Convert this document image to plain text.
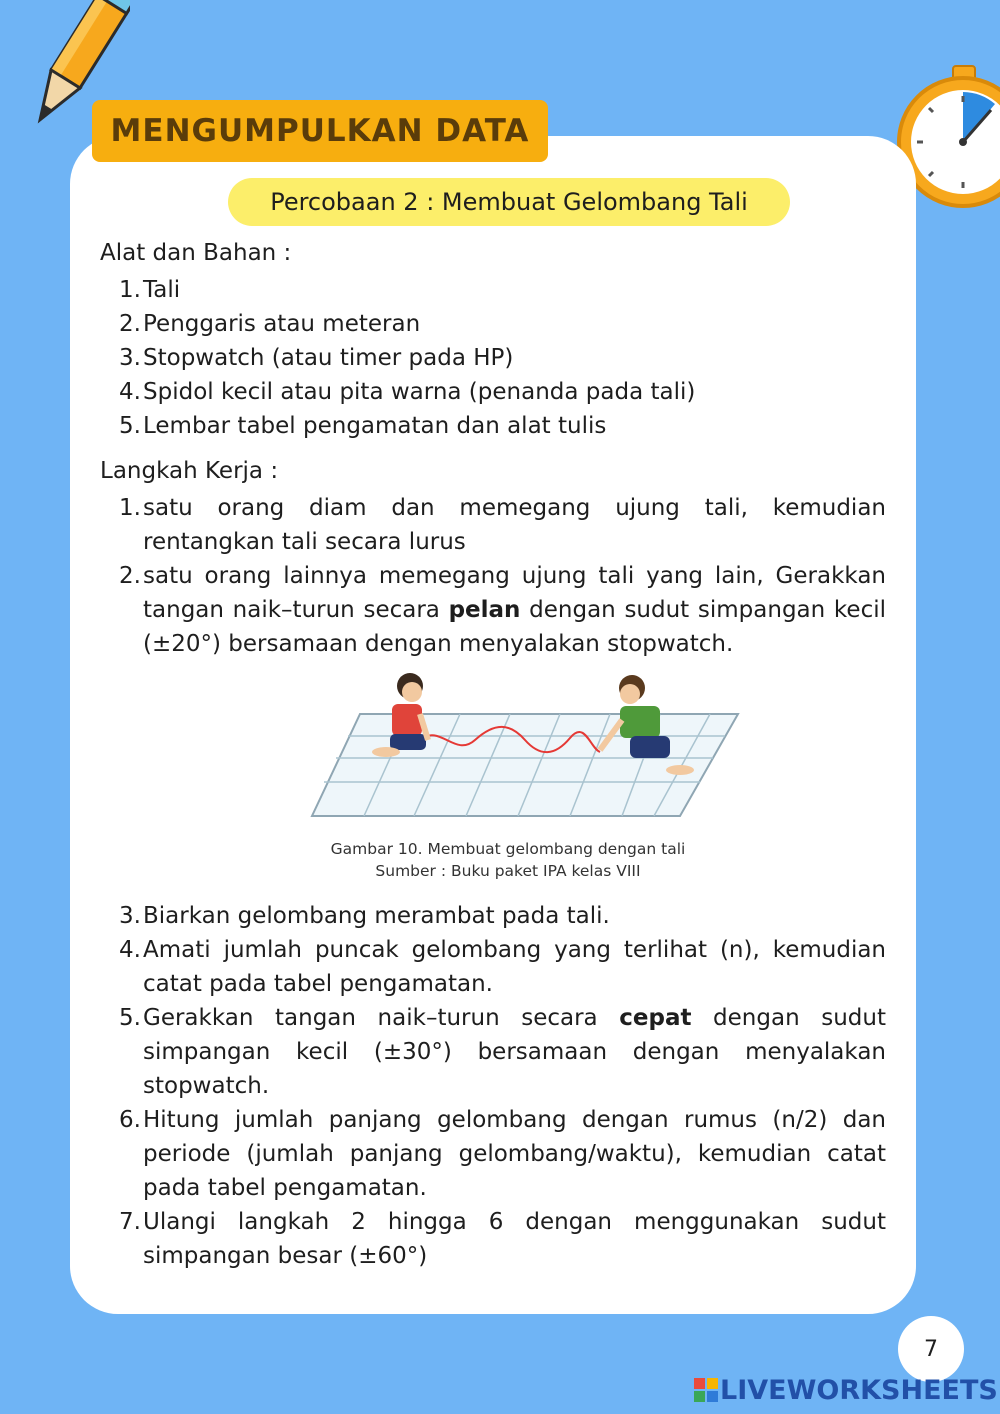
MENGUMPULKAN DATA
Percobaan 2 : Membuat Gelombang Tali
Alat dan Bahan :
1. Tali
2. Penggaris atau meteran
3. Stopwatch (atau timer pada HP)
4. Spidol kecil atau pita warna (penanda pada tali)
5. Lembar tabel pengamatan dan alat tulis
Langkah Kerja :
1. satu orang diam dan memegang ujung tali, kemudian rentangkan tali secara lurus
2. satu orang lainnya memegang ujung tali yang lain, Gerakkan tangan naik–turun secara pelan dengan sudut simpangan kecil (±20°) bersamaan dengan menyalakan stopwatch.
Gambar 10. Membuat gelombang dengan tali
Sumber : Buku paket IPA kelas VIII
3. Biarkan gelombang merambat pada tali.
4. Amati jumlah puncak gelombang yang terlihat (n), kemudian catat pada tabel pengamatan.
5. Gerakkan tangan naik–turun secara cepat dengan sudut simpangan kecil (±30°) bersamaan dengan menyalakan stopwatch.
6. Hitung jumlah panjang gelombang dengan rumus (n/2) dan periode (jumlah panjang gelombang/waktu), kemudian catat pada tabel pengamatan.
7. Ulangi langkah 2 hingga 6 dengan menggunakan sudut simpangan besar (±60°)
7
LIVEWORKSHEETS
